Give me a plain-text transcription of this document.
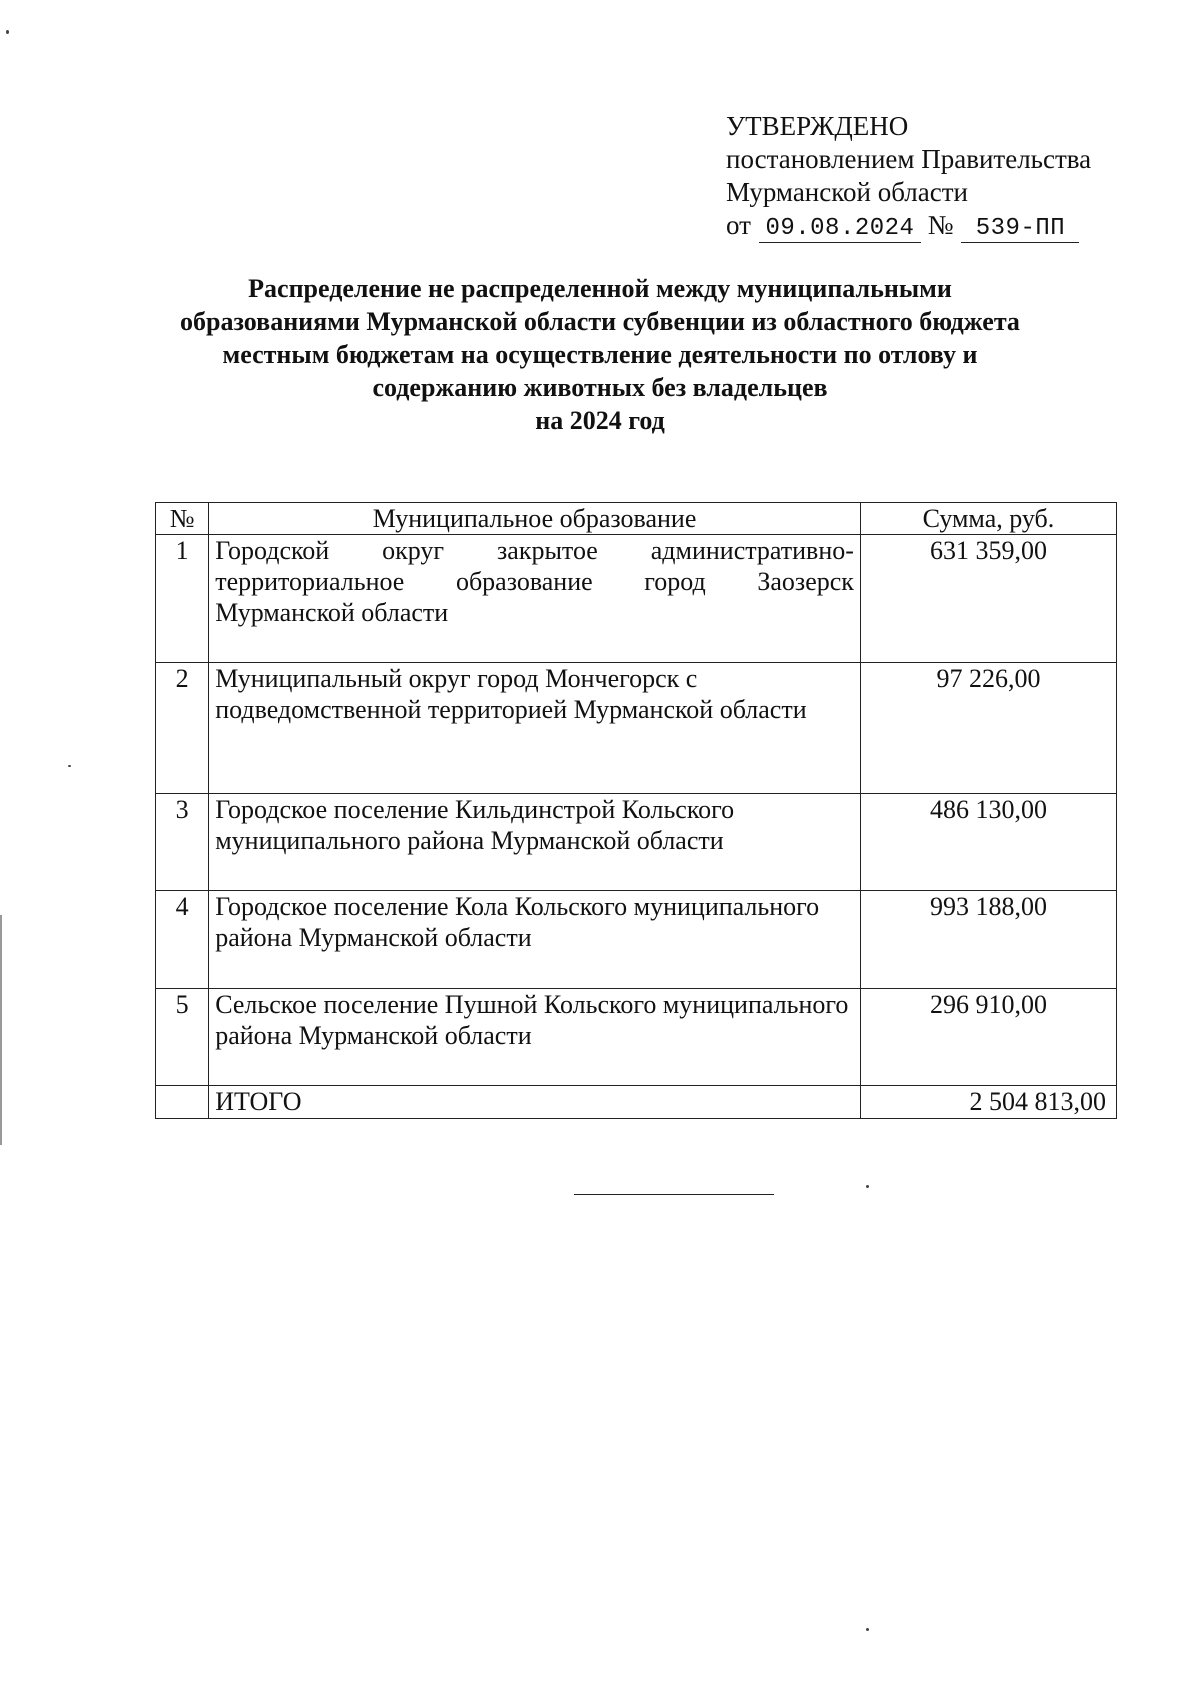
УТВЕРЖДЕНО
постановлением Правительства
Мурманской области
от 09.08.2024 № 539-ПП
Распределение не распределенной между муниципальными
образованиями Мурманской области субвенции из областного бюджета
местным бюджетам на осуществление деятельности по отлову и
содержанию животных без владельцев
на 2024 год
№	Муниципальное образование	Сумма, руб.
1	Городской округ закрытое административно-территориальное образование город Заозерск Мурманской области	631 359,00
2	Муниципальный округ город Мончегорск с подведомственной территорией Мурманской области	97 226,00
3	Городское поселение Кильдинстрой Кольского муниципального района Мурманской области	486 130,00
4	Городское поселение Кола Кольского муниципального района Мурманской области	993 188,00
5	Сельское поселение Пушной Кольского муниципального района Мурманской области	296 910,00
	ИТОГО	2 504 813,00
